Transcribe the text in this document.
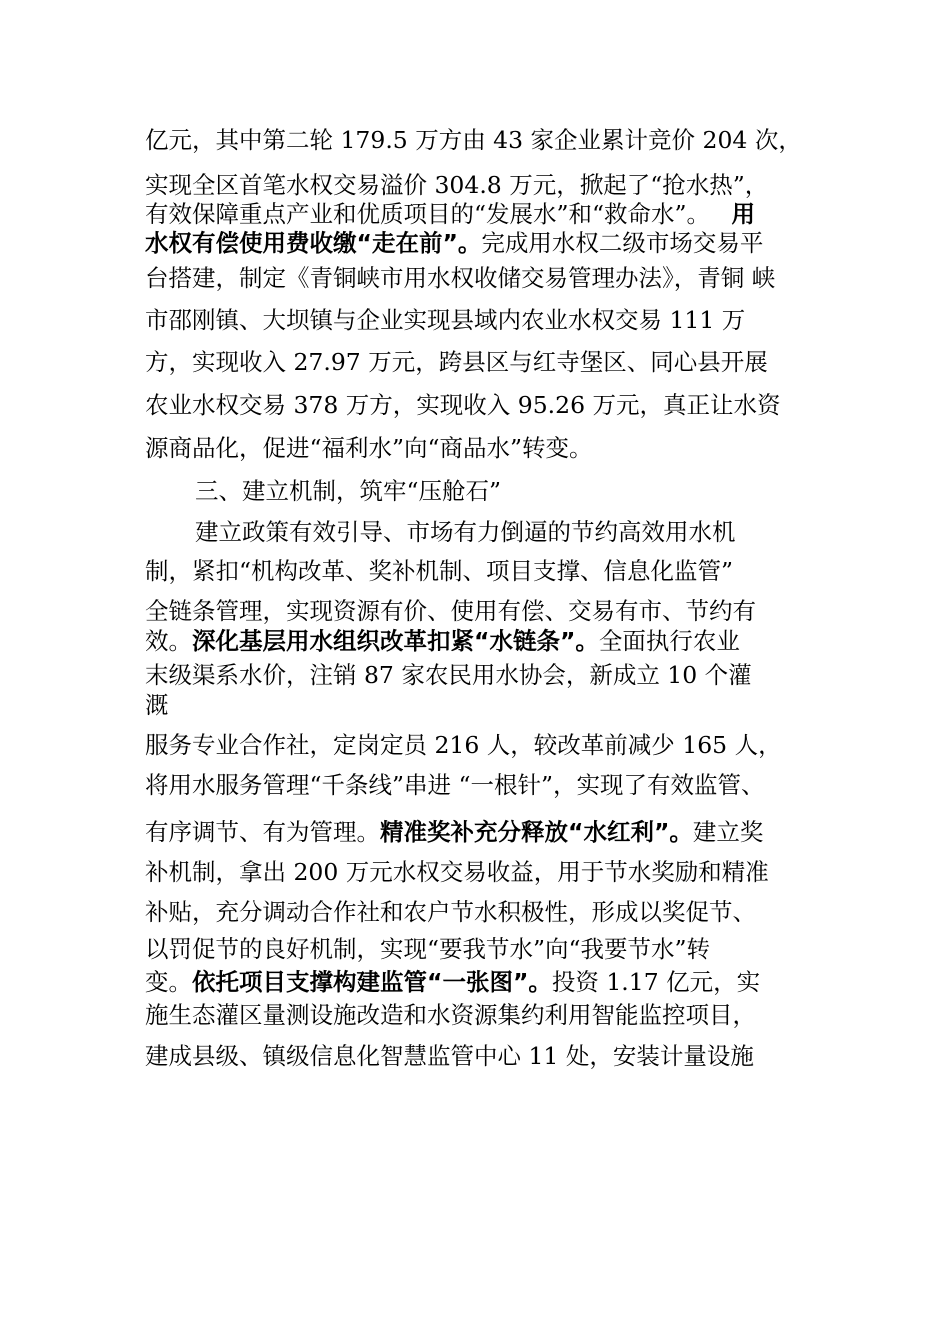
亿元，其中第二轮 179.5 万方由 43 家企业累计竞价 204 次，
实现全区首笔水权交易溢价 304.8 万元，掀起了“抢水热”，
有效保障重点产业和优质项目的“发展水”和“救命水”。 用
水权有偿使用费收缴“走在前”。完成用水权二级市场交易平
台搭建，制定《青铜峡市用水权收储交易管理办法》，青铜 峡
市邵刚镇、大坝镇与企业实现县域内农业水权交易 111 万
方，实现收入 27.97 万元，跨县区与红寺堡区、同心县开展
农业水权交易 378 万方，实现收入 95.26 万元，真正让水资
源商品化，促进“福利水”向“商品水”转变。
三、建立机制，筑牢“压舱石”
建立政策有效引导、市场有力倒逼的节约高效用水机
制，紧扣“机构改革、奖补机制、项目支撑、信息化监管”
全链条管理，实现资源有价、使用有偿、交易有市、节约有
效。深化基层用水组织改革扣紧“水链条”。全面执行农业
末级渠系水价，注销 87 家农民用水协会，新成立 10 个灌
溉
服务专业合作社，定岗定员 216 人，较改革前减少 165 人，
将用水服务管理“千条线”串进 “一根针”，实现了有效监管、
有序调节、有为管理。精准奖补充分释放“水红利”。建立奖
补机制，拿出 200 万元水权交易收益，用于节水奖励和精准
补贴，充分调动合作社和农户节水积极性，形成以奖促节、
以罚促节的良好机制，实现“要我节水”向“我要节水”转
变。依托项目支撑构建监管“一张图”。投资 1.17 亿元，实
施生态灌区量测设施改造和水资源集约利用智能监控项目，
建成县级、镇级信息化智慧监管中心 11 处，安装计量设施
